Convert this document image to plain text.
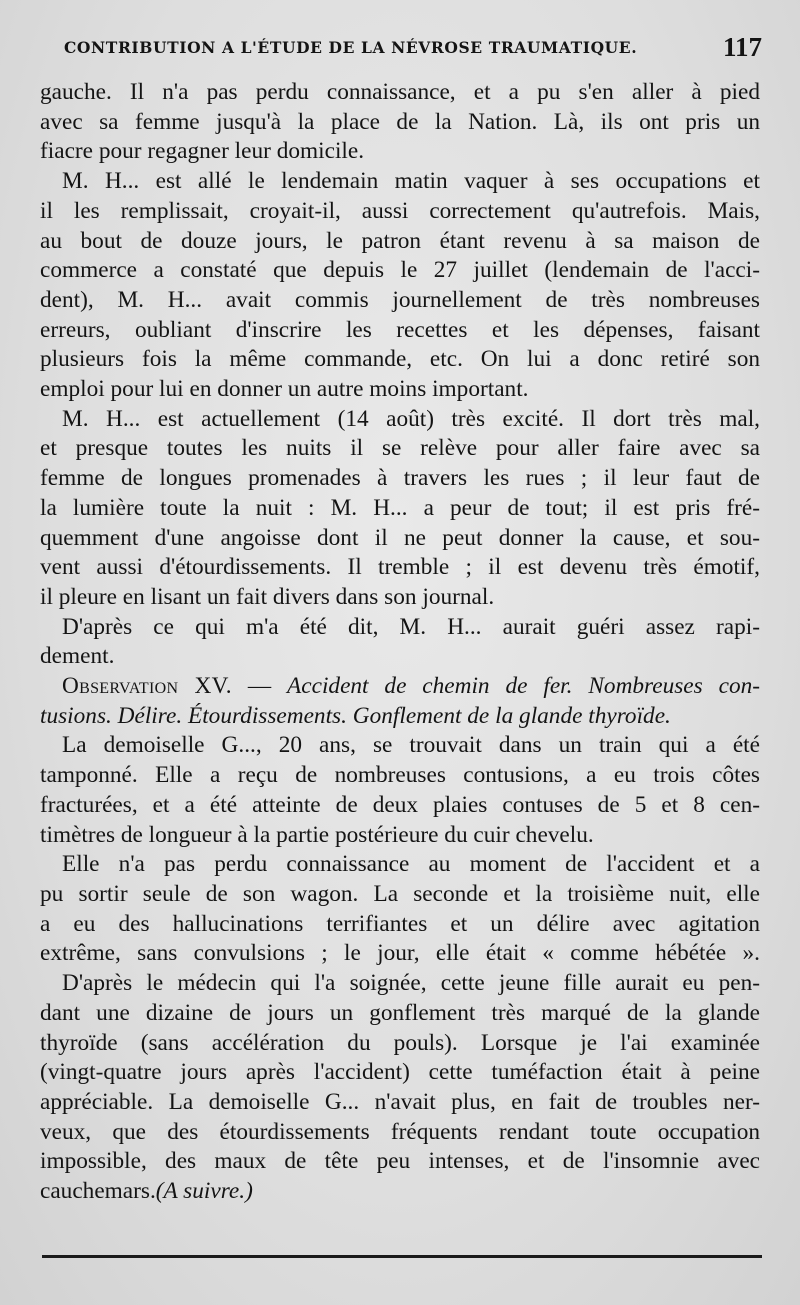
CONTRIBUTION A L'ÉTUDE DE LA NÉVROSE TRAUMATIQUE.	117

gauche. Il n'a pas perdu connaissance, et a pu s'en aller à pied
avec sa femme jusqu'à la place de la Nation. Là, ils ont pris un
fiacre pour regagner leur domicile.

M. H... est allé le lendemain matin vaquer à ses occupations et
il les remplissait, croyait-il, aussi correctement qu'autrefois. Mais,
au bout de douze jours, le patron étant revenu à sa maison de
commerce a constaté que depuis le 27 juillet (lendemain de l'acci-
dent), M. H... avait commis journellement de très nombreuses
erreurs, oubliant d'inscrire les recettes et les dépenses, faisant
plusieurs fois la même commande, etc. On lui a donc retiré son
emploi pour lui en donner un autre moins important.

M. H... est actuellement (14 août) très excité. Il dort très mal,
et presque toutes les nuits il se relève pour aller faire avec sa
femme de longues promenades à travers les rues ; il leur faut de
la lumière toute la nuit : M. H... a peur de tout; il est pris fré-
quemment d'une angoisse dont il ne peut donner la cause, et sou-
vent aussi d'étourdissements. Il tremble ; il est devenu très émotif,
il pleure en lisant un fait divers dans son journal.

D'après ce qui m'a été dit, M. H... aurait guéri assez rapi-
dement.

Observation XV. — Accident de chemin de fer. Nombreuses con-
tusions. Délire. Étourdissements. Gonflement de la glande thyroïde.

La demoiselle G..., 20 ans, se trouvait dans un train qui a été
tamponné. Elle a reçu de nombreuses contusions, a eu trois côtes
fracturées, et a été atteinte de deux plaies contuses de 5 et 8 cen-
timètres de longueur à la partie postérieure du cuir chevelu.

Elle n'a pas perdu connaissance au moment de l'accident et a
pu sortir seule de son wagon. La seconde et la troisième nuit, elle
a eu des hallucinations terrifiantes et un délire avec agitation
extrême, sans convulsions ; le jour, elle était « comme hébétée ».

D'après le médecin qui l'a soignée, cette jeune fille aurait eu pen-
dant une dizaine de jours un gonflement très marqué de la glande
thyroïde (sans accélération du pouls). Lorsque je l'ai examinée
(vingt-quatre jours après l'accident) cette tuméfaction était à peine
appréciable. La demoiselle G... n'avait plus, en fait de troubles ner-
veux, que des étourdissements fréquents rendant toute occupation
impossible, des maux de tête peu intenses, et de l'insomnie avec
cauchemars.(A suivre.)
